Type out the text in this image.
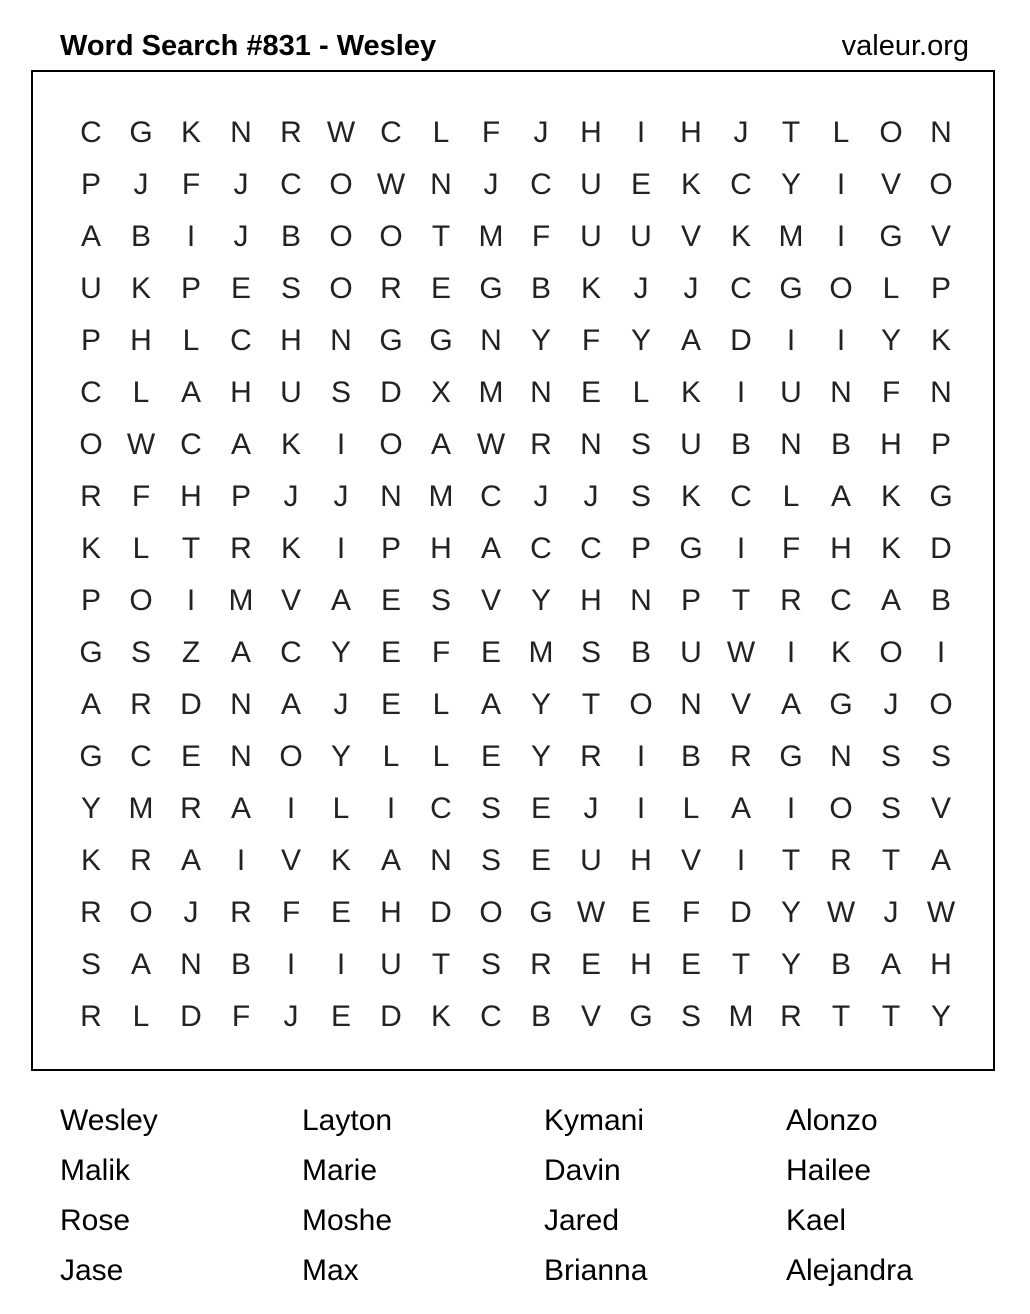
Word Search #831 - Wesley	valeur.org
C G K N R W C	L	F	J	H	I	H	J	T	L O N
P	J	F	J	C O W N	J	C U E K C Y	I	V O
A B	I	J	B O O T M F	U U V K M	I	G V
U K P E S O R E G B K	J	J	C G O L	P
P H	L	C H N G G N Y	F	Y A D	I	I	Y K
C	L	A H U S D X M N E	L	K	I	U N	F	N
O W C A K	I	O A W R N S U B N B H P
R	F	H P	J	J	N M C	J	J	S K C	L	A K G
K	L	T	R K	I	P H A C C P G	I	F	H K D
P O	I	M V A E S V Y H N P	T	R C A B
G S	Z	A C Y E	F	E M S B U W	I	K O	I
A R D N A	J	E	L	A Y	T O N V A G	J	O
G C E N O Y	L	L	E Y R	I	B R G N S S
Y M R A	I	L	I	C S E	J	I	L	A	I	O S V
K R A	I	V K A N S E U H V	I	T	R	T	A
R O	J	R	F	E H D O G W E	F	D Y W J W
S A N B	I	I	U	T	S R E H E	T	Y B A H
R	L	D	F	J	E D K C B V G S M R	T	T	Y
Wesley	Layton	Kymani	Alonzo
Malik	Marie	Davin	Hailee
Rose	Moshe	Jared	Kael
Jase	Max	Brianna	Alejandra
